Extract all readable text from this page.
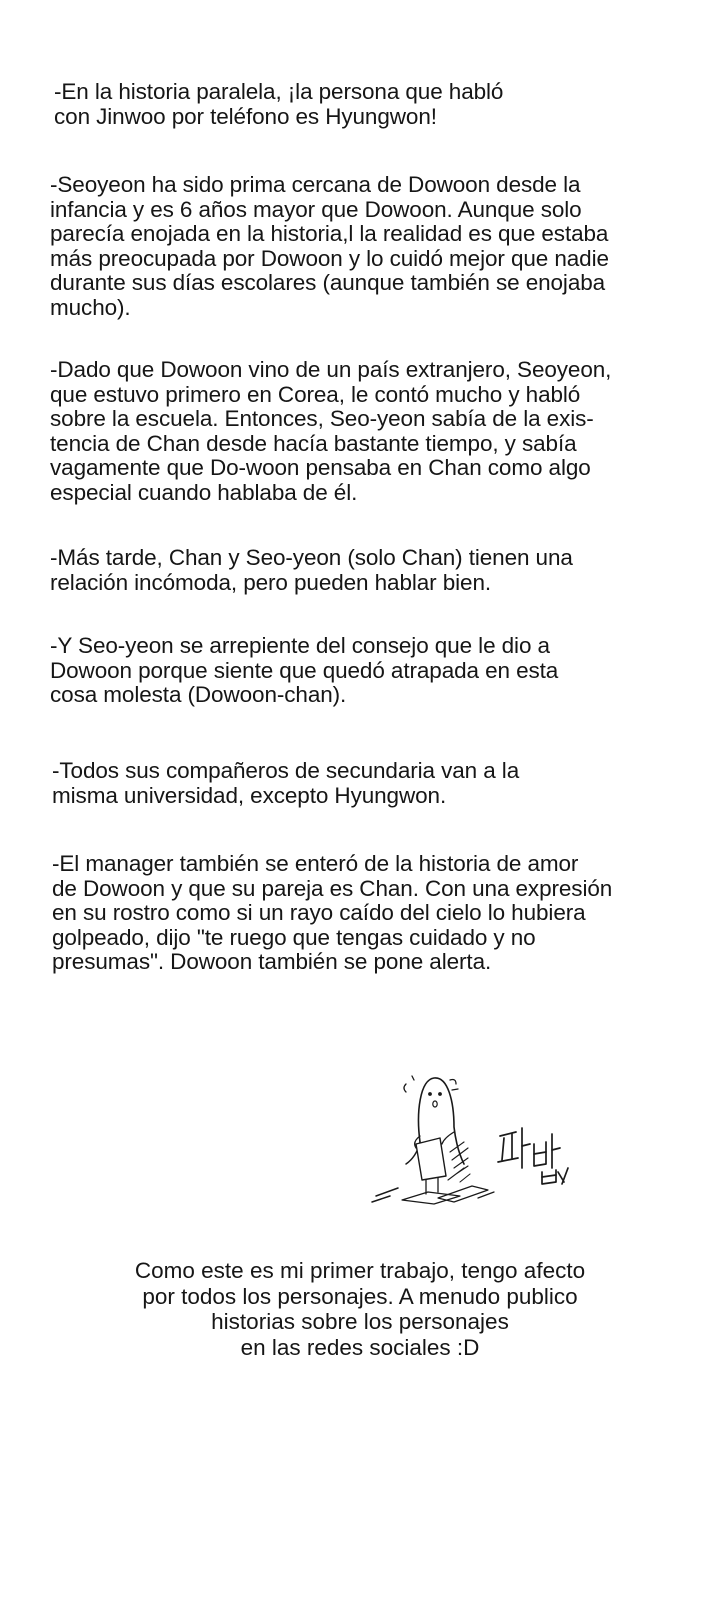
-En la historia paralela, ¡la persona que habló
con Jinwoo por teléfono es Hyungwon!

-Seoyeon ha sido prima cercana de Dowoon desde la
infancia y es 6 años mayor que Dowoon. Aunque solo
parecía enojada en la historia,l la realidad es que estaba
más preocupada por Dowoon y lo cuidó mejor que nadie
durante sus días escolares (aunque también se enojaba
mucho).

-Dado que Dowoon vino de un país extranjero, Seoyeon,
que estuvo primero en Corea, le contó mucho y habló
sobre la escuela. Entonces, Seo-yeon sabía de la exis-
tencia de Chan desde hacía bastante tiempo, y sabía
vagamente que Do-woon pensaba en Chan como algo
especial cuando hablaba de él.

-Más tarde, Chan y Seo-yeon (solo Chan) tienen una
relación incómoda, pero pueden hablar bien.

-Y Seo-yeon se arrepiente del consejo que le dio a
Dowoon porque siente que quedó atrapada en esta
cosa molesta (Dowoon-chan).

-Todos sus compañeros de secundaria van a la
misma universidad, excepto Hyungwon.

-El manager también se enteró de la historia de amor
de Dowoon y que su pareja es Chan. Con una expresión
en su rostro como si un rayo caído del cielo lo hubiera
golpeado, dijo "te ruego que tengas cuidado y no
presumas". Dowoon también se pone alerta.

Como este es mi primer trabajo, tengo afecto
por todos los personajes. A menudo publico
historias sobre los personajes
en las redes sociales :D
